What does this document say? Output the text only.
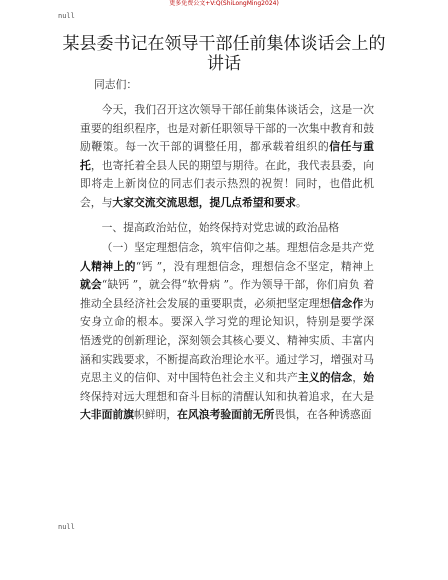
更多免费公文+V:Q(ShiLongMing2024)
null
某县委书记在领导干部任前集体谈话会上的讲话
同志们：
今天，我们召开这次领导干部任前集体谈话会，这是一次重要的组织程序，也是对新任职领导干部的一次集中教育和鼓励鞭策。每一次干部的调整任用，都承载着组织的信任与重托，也寄托着全县人民的期望与期待。在此，我代表县委，向即将走上新岗位的同志们表示热烈的祝贺！同时，也借此机会，与大家交流交流思想，提几点希望和要求。
一、提高政治站位，始终保持对党忠诚的政治品格
（一）坚定理想信念，筑牢信仰之基。理想信念是共产党人精神上的“钙 ”，没有理想信念，理想信念不坚定，精神上就会“缺钙 ”，就会得“软骨病 ”。作为领导干部，你们肩负 着推动全县经济社会发展的重要职责，必须把坚定理想信念作为安身立命的根本。要深入学习党的理论知识，特别是要学深 悟透党的创新理论，深刻领会其核心要义、精神实质、丰富内 涵和实践要求，不断提高政治理论水平。通过学习，增强对马 克思主义的信仰、对中国特色社会主义和共产主义的信念，始终保持对远大理想和奋斗目标的清醒认知和执着追求，在大是大非面前旗帜鲜明，在风浪考验面前无所畏惧，在各种诱惑面
null
